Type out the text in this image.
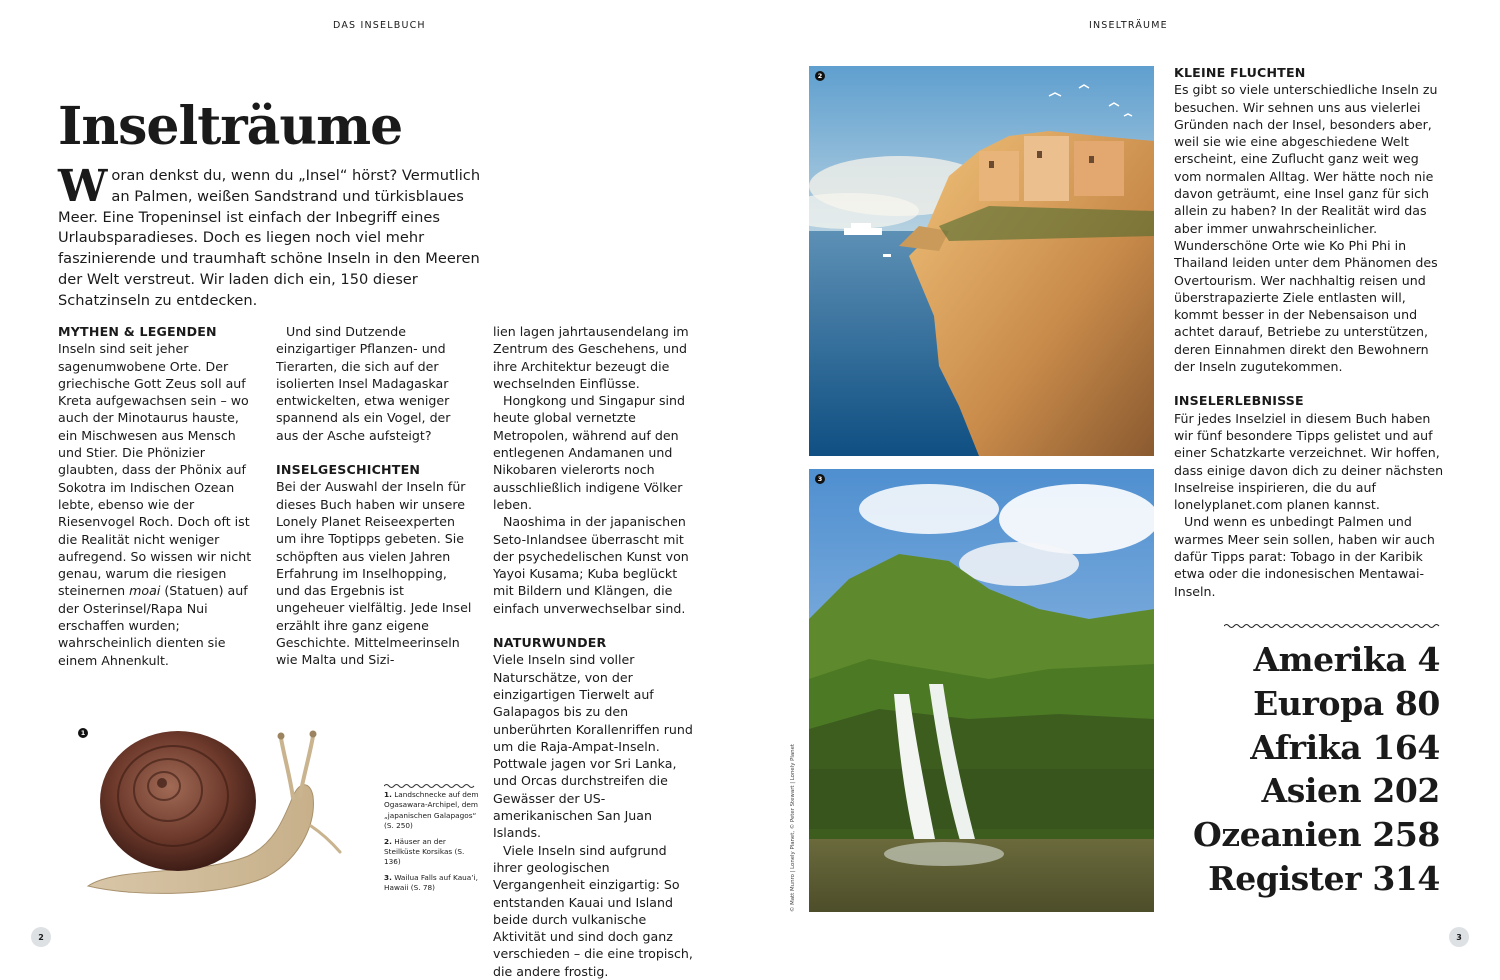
DAS INSELBUCH	INSELTRÄUME
Inselträume
Woran denkst du, wenn du „Insel“ hörst? Vermutlich an Palmen, weißen Sandstrand und türkisblaues Meer. Eine Tropeninsel ist einfach der Inbegriff eines Urlaubsparadieses. Doch es liegen noch viel mehr faszinierende und traumhaft schöne Inseln in den Meeren der Welt verstreut. Wir laden dich ein, 150 dieser Schatzinseln zu entdecken.

MYTHEN & LEGENDEN

Inseln sind seit jeher sagenumwobene Orte. Der griechische Gott Zeus soll auf Kreta aufgewachsen sein – wo auch der Minotaurus hauste, ein Mischwesen aus Mensch und Stier. Die Phönizier glaubten, dass der Phönix auf Sokotra im Indischen Ozean lebte, ebenso wie der Riesenvogel Roch. Doch oft ist die Realität nicht weniger aufregend. So wissen wir nicht genau, warum die riesigen steinernen moai (Statuen) auf der Osterinsel/Rapa Nui erschaffen wurden; wahrscheinlich dienten sie einem Ahnenkult.

Und sind Dutzende einzigartiger Pflanzen- und Tierarten, die sich auf der isolierten Insel Madagaskar entwickelten, etwa weniger spannend als ein Vogel, der aus der Asche aufsteigt?

INSELGESCHICHTEN

Bei der Auswahl der Inseln für dieses Buch haben wir unsere Lonely Planet Reiseexperten um ihre Toptipps gebeten. Sie schöpften aus vielen Jahren Erfahrung im Inselhopping, und das Ergebnis ist ungeheuer vielfältig. Jede Insel erzählt ihre ganz eigene Geschichte. Mittelmeerinseln wie Malta und Sizi-

lien lagen jahrtausendelang im Zentrum des Geschehens, und ihre Architektur bezeugt die wechselnden Einflüsse.

Hongkong und Singapur sind heute global vernetzte Metropolen, während auf den entlegenen Andamanen und Nikobaren vielerorts noch ausschließlich indigene Völker leben.

Naoshima in der japanischen Seto-Inlandsee überrascht mit der psychedelischen Kunst von Yayoi Kusama; Kuba beglückt mit Bildern und Klängen, die einfach unverwechselbar sind.

NATURWUNDER

Viele Inseln sind voller Naturschätze, von der einzigartigen Tierwelt auf Galapagos bis zu den unberührten Korallenriffen rund um die Raja-Ampat-Inseln. Pottwale jagen vor Sri Lanka, und Orcas durchstreifen die Gewässer der US-amerikanischen San Juan Islands.

Viele Inseln sind aufgrund ihrer geologischen Vergangenheit einzigartig: So entstanden Kauai und Island beide durch vulkanische Aktivität und sind doch ganz verschieden – die eine tropisch, die andere frostig.

KLEINE FLUCHTEN

Es gibt so viele unterschiedliche Inseln zu besuchen. Wir sehnen uns aus vielerlei Gründen nach der Insel, besonders aber, weil sie wie eine abgeschiedene Welt erscheint, eine Zuflucht ganz weit weg vom normalen Alltag. Wer hätte noch nie davon geträumt, eine Insel ganz für sich allein zu haben? In der Realität wird das aber immer unwahrscheinlicher. Wunderschöne Orte wie Ko Phi Phi in Thailand leiden unter dem Phänomen des Overtourism. Wer nachhaltig reisen und überstrapazierte Ziele entlasten will, kommt besser in der Nebensaison und achtet darauf, Betriebe zu unterstützen, deren Einnahmen direkt den Bewohnern der Inseln zugutekommen.

INSELERLEBNISSE

Für jedes Inselziel in diesem Buch haben wir fünf besondere Tipps gelistet und auf einer Schatzkarte verzeichnet. Wir hoffen, dass einige davon dich zu deiner nächsten Inselreise inspirieren, die du auf lonelyplanet.com planen kannst.

Und wenn es unbedingt Palmen und warmes Meer sein sollen, haben wir auch dafür Tipps parat: Tobago in der Karibik etwa oder die indonesischen Mentawai-Inseln.

1

1. Landschnecke auf dem Ogasawara-Archipel, dem „japanischen Galapagos“ (S. 250)

2. Häuser an der Steilküste Korsikas (S. 136)

3. Wailua Falls auf Kaua’i, Hawaii (S. 78)

2
3
© Matt Munro | Lonely Planet, © Peter Stewart | Lonely Planet
Amerika 4
Europa 80
Afrika 164
Asien 202
Ozeanien 258
Register 314
2	3
